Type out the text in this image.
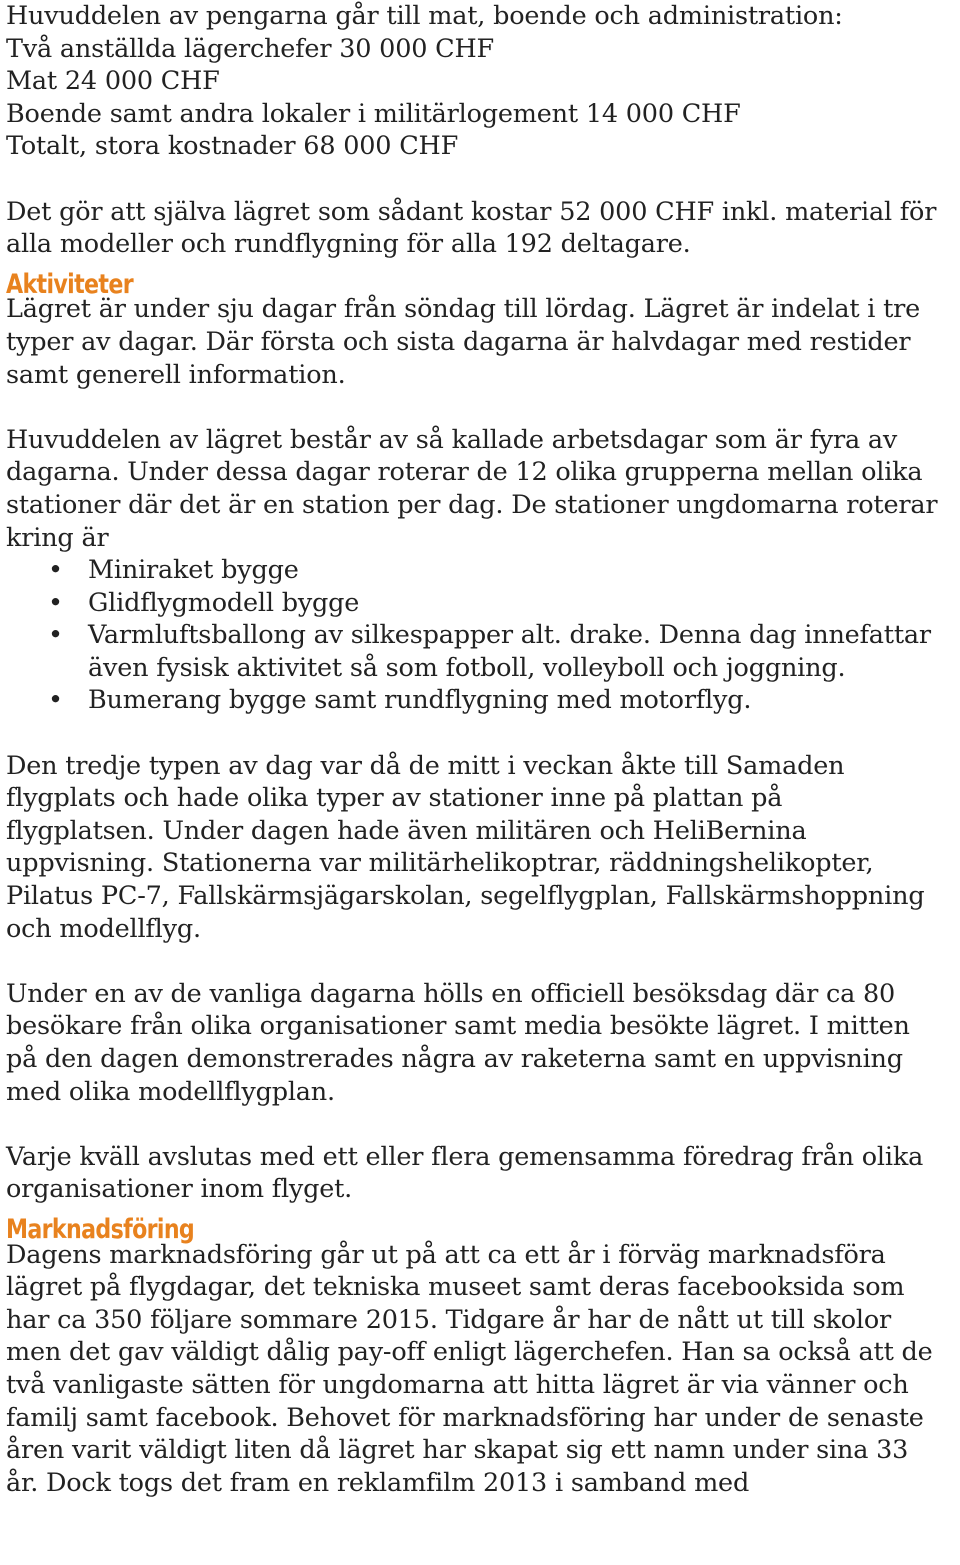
Huvuddelen av pengarna går till mat, boende och administration:
Två anställda lägerchefer 30 000 CHF
Mat 24 000 CHF
Boende samt andra lokaler i militärlogement 14 000 CHF
Totalt, stora kostnader 68 000 CHF
Det gör att själva lägret som sådant kostar 52 000 CHF inkl. material för
alla modeller och rundflygning för alla 192 deltagare.
Aktiviteter
Lägret är under sju dagar från söndag till lördag. Lägret är indelat i tre
typer av dagar. Där första och sista dagarna är halvdagar med restider
samt generell information.
Huvuddelen av lägret består av så kallade arbetsdagar som är fyra av
dagarna. Under dessa dagar roterar de 12 olika grupperna mellan olika
stationer där det är en station per dag. De stationer ungdomarna roterar
kring är
• Miniraket bygge
• Glidflygmodell bygge
• Varmluftsballong av silkespapper alt. drake. Denna dag innefattar
även fysisk aktivitet så som fotboll, volleyboll och joggning.
• Bumerang bygge samt rundflygning med motorflyg.
Den tredje typen av dag var då de mitt i veckan åkte till Samaden
flygplats och hade olika typer av stationer inne på plattan på
flygplatsen. Under dagen hade även militären och HeliBernina
uppvisning. Stationerna var militärhelikoptrar, räddningshelikopter,
Pilatus PC-7, Fallskärmsjägarskolan, segelflygplan, Fallskärmshoppning
och modellflyg.
Under en av de vanliga dagarna hölls en officiell besöksdag där ca 80
besökare från olika organisationer samt media besökte lägret. I mitten
på den dagen demonstrerades några av raketerna samt en uppvisning
med olika modellflygplan.
Varje kväll avslutas med ett eller flera gemensamma föredrag från olika
organisationer inom flyget.
Marknadsföring
Dagens marknadsföring går ut på att ca ett år i förväg marknadsföra
lägret på flygdagar, det tekniska museet samt deras facebooksida som
har ca 350 följare sommare 2015. Tidgare år har de nått ut till skolor
men det gav väldigt dålig pay-off enligt lägerchefen. Han sa också att de
två vanligaste sätten för ungdomarna att hitta lägret är via vänner och
familj samt facebook. Behovet för marknadsföring har under de senaste
åren varit väldigt liten då lägret har skapat sig ett namn under sina 33
år. Dock togs det fram en reklamfilm 2013 i samband med
